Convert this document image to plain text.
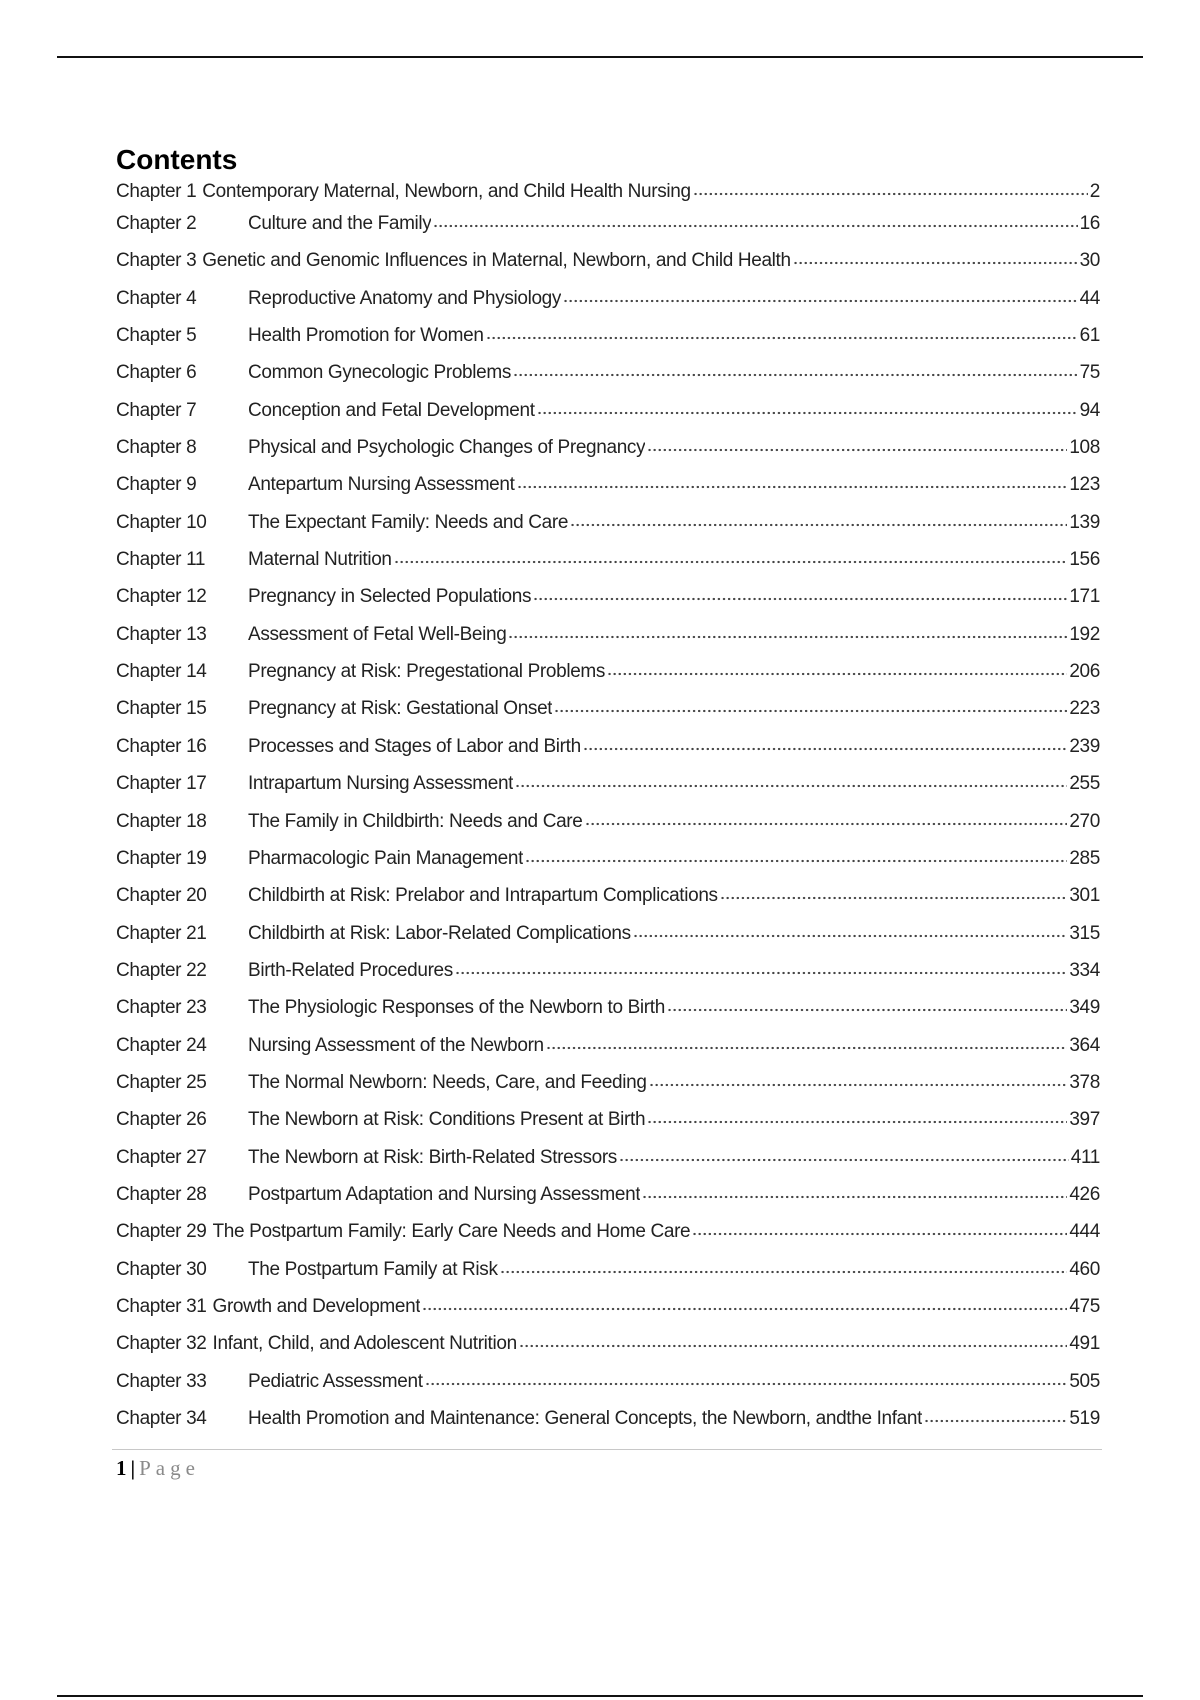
Contents
Chapter 1 Contemporary Maternal, Newborn, and Child Health Nursing	2
Chapter 2	Culture and the Family	16
Chapter 3 Genetic and Genomic Influences in Maternal, Newborn, and Child Health	30
Chapter 4	Reproductive Anatomy and Physiology	44
Chapter 5	Health Promotion for Women	61
Chapter 6	Common Gynecologic Problems	75
Chapter 7	Conception and Fetal Development	94
Chapter 8	Physical and Psychologic Changes of Pregnancy	108
Chapter 9	Antepartum Nursing Assessment	123
Chapter 10	The Expectant Family: Needs and Care	139
Chapter 11	Maternal Nutrition	156
Chapter 12	Pregnancy in Selected Populations	171
Chapter 13	Assessment of Fetal Well-Being	192
Chapter 14	Pregnancy at Risk: Pregestational Problems	206
Chapter 15	Pregnancy at Risk: Gestational Onset	223
Chapter 16	Processes and Stages of Labor and Birth	239
Chapter 17	Intrapartum Nursing Assessment	255
Chapter 18	The Family in Childbirth: Needs and Care	270
Chapter 19	Pharmacologic Pain Management	285
Chapter 20	Childbirth at Risk: Prelabor and Intrapartum Complications	301
Chapter 21	Childbirth at Risk: Labor-Related Complications	315
Chapter 22	Birth-Related Procedures	334
Chapter 23	The Physiologic Responses of the Newborn to Birth	349
Chapter 24	Nursing Assessment of the Newborn	364
Chapter 25	The Normal Newborn: Needs, Care, and Feeding	378
Chapter 26	The Newborn at Risk: Conditions Present at Birth	397
Chapter 27	The Newborn at Risk: Birth-Related Stressors	411
Chapter 28	Postpartum Adaptation and Nursing Assessment	426
Chapter 29 The Postpartum Family: Early Care Needs and Home Care	444
Chapter 30	The Postpartum Family at Risk	460
Chapter 31 Growth and Development	475
Chapter 32 Infant, Child, and Adolescent Nutrition	491
Chapter 33	Pediatric Assessment	505
Chapter 34	Health Promotion and Maintenance: General Concepts, the Newborn, andthe Infant	519
1 | Page
